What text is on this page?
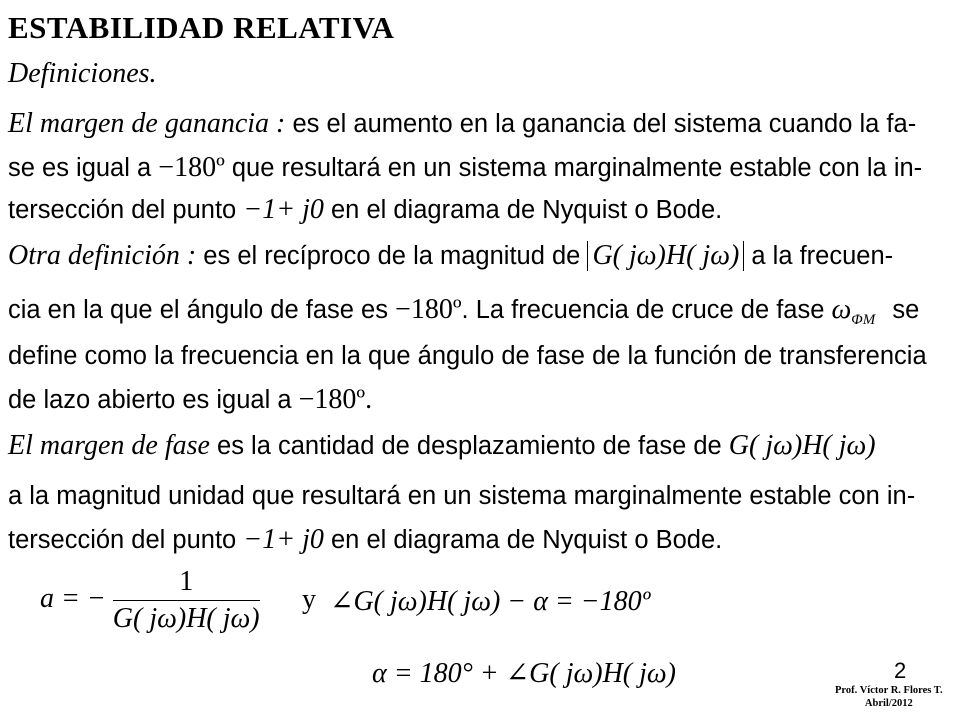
ESTABILIDAD RELATIVA
Definiciones.
El margen de ganancia : es el aumento en la ganancia del sistema cuando la fa-
se es igual a −180º que resultará en un sistema marginalmente estable con la in-
tersección del punto −1+ j0 en el diagrama de Nyquist o Bode.
Otra definición : es el recíproco de la magnitud de G( jω)H( jω) a la frecuen-
cia en la que el ángulo de fase es −180º. La frecuencia de cruce de fase $\omega_{\Phi M}$ se
define como la frecuencia en la que ángulo de fase de la función de transferencia
de lazo abierto es igual a −180º.
El margen de fase es la cantidad de desplazamiento de fase de G( jω)H( jω)
a la magnitud unidad que resultará en un sistema marginalmente estable con in-
tersección del punto −1+ j0 en el diagrama de Nyquist o Bode.
a = − $\frac{1}{G( j\omega)H( j\omega)}$ y ∠G( jω)H( jω) − α = −180º
α = 180° + ∠G( jω)H( jω)	2
Prof. Víctor R. Flores T.
Abril/2012
